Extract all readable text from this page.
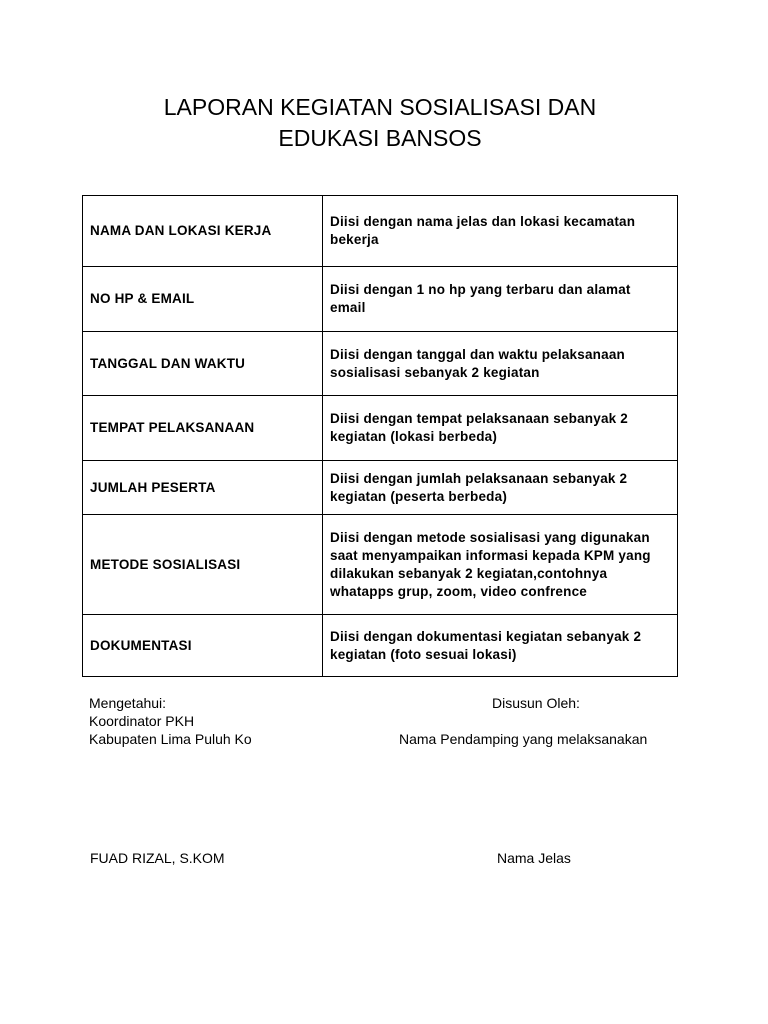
LAPORAN KEGIATAN SOSIALISASI DAN
EDUKASI BANSOS
NAMA DAN LOKASI KERJA	Diisi dengan nama jelas dan lokasi kecamatan bekerja
NO HP & EMAIL	Diisi dengan 1 no hp yang terbaru dan alamat email
TANGGAL DAN WAKTU	Diisi dengan tanggal dan waktu pelaksanaan sosialisasi sebanyak 2 kegiatan
TEMPAT PELAKSANAAN	Diisi dengan tempat pelaksanaan sebanyak 2 kegiatan (lokasi berbeda)
JUMLAH PESERTA	Diisi dengan jumlah pelaksanaan sebanyak 2 kegiatan (peserta berbeda)
METODE SOSIALISASI	Diisi dengan metode sosialisasi yang digunakan saat menyampaikan informasi kepada KPM yang dilakukan sebanyak 2 kegiatan,contohnya whatapps grup, zoom, video confrence
DOKUMENTASI	Diisi dengan dokumentasi kegiatan sebanyak 2 kegiatan (foto sesuai lokasi)
Mengetahui:
Koordinator PKH
Kabupaten Lima Puluh Ko
FUAD RIZAL, S.KOM
Disusun Oleh:
Nama Pendamping yang melaksanakan
Nama Jelas
